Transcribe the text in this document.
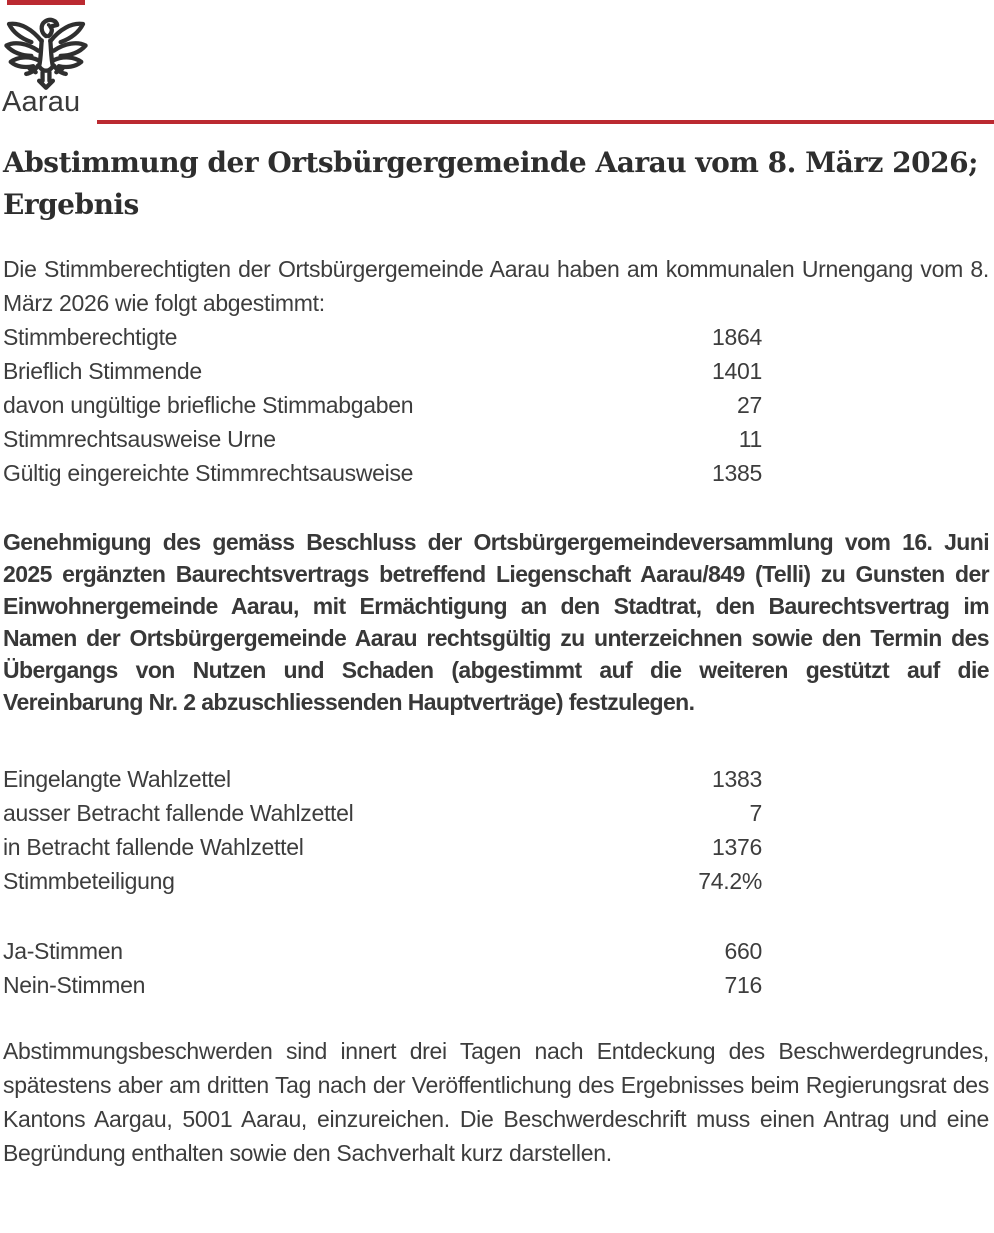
Aarau
Abstimmung der Ortsbürgergemeinde Aarau vom 8. März 2026; Ergebnis

Die Stimmberechtigten der Ortsbürgergemeinde Aarau haben am kommunalen Urnengang vom 8. März 2026 wie folgt abgestimmt:

Stimmberechtigte	1864
Brieflich Stimmende	1401
davon ungültige briefliche Stimmabgaben	27
Stimmrechtsausweise Urne	11
Gültig eingereichte Stimmrechtsausweise	1385

Genehmigung des gemäss Beschluss der Ortsbürgergemeindeversammlung vom 16. Juni 2025 ergänzten Baurechtsvertrags betreffend Liegenschaft Aarau/849 (Telli) zu Gunsten der Einwohnergemeinde Aarau, mit Ermächtigung an den Stadtrat, den Baurechtsvertrag im Namen der Ortsbürgergemeinde Aarau rechtsgültig zu unterzeichnen sowie den Termin des Übergangs von Nutzen und Schaden (abgestimmt auf die weiteren gestützt auf die Vereinbarung Nr. 2 abzuschliessenden Hauptverträge) festzulegen.

Eingelangte Wahlzettel	1383
ausser Betracht fallende Wahlzettel	7
in Betracht fallende Wahlzettel	1376
Stimmbeteiligung	74.2%
Ja-Stimmen	660
Nein-Stimmen	716

Abstimmungsbeschwerden sind innert drei Tagen nach Entdeckung des Beschwerdegrundes, spätestens aber am dritten Tag nach der Veröffentlichung des Ergebnisses beim Regierungsrat des Kantons Aargau, 5001 Aarau, einzureichen. Die Beschwerdeschrift muss einen Antrag und eine Begründung enthalten sowie den Sachverhalt kurz darstellen.
